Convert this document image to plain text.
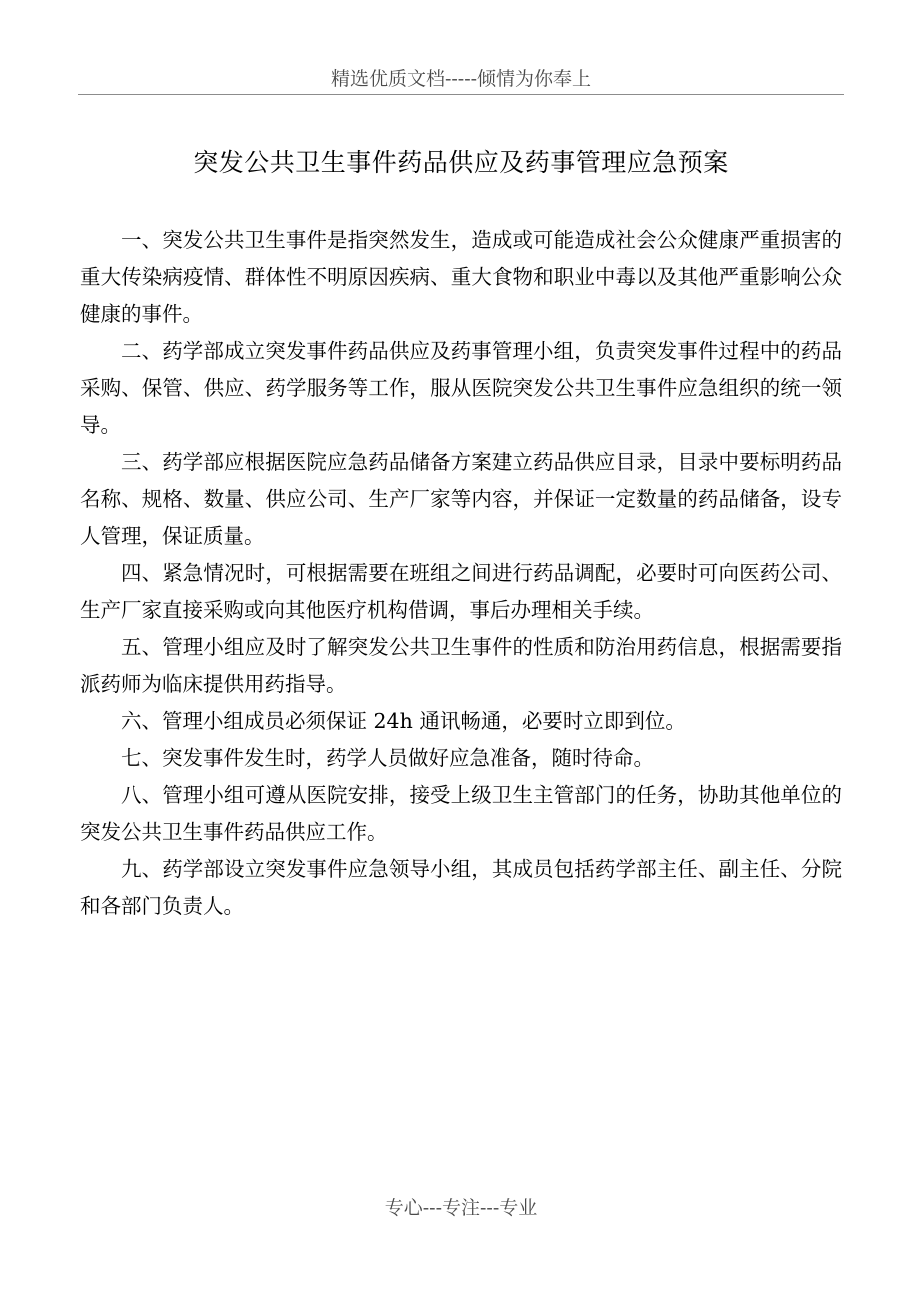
精选优质文档-----倾情为你奉上
突发公共卫生事件药品供应及药事管理应急预案

一、突发公共卫生事件是指突然发生，造成或可能造成社会公众健康严重损害的重大传染病疫情、群体性不明原因疾病、重大食物和职业中毒以及其他严重影响公众健康的事件。

二、药学部成立突发事件药品供应及药事管理小组，负责突发事件过程中的药品采购、保管、供应、药学服务等工作，服从医院突发公共卫生事件应急组织的统一领导。

三、药学部应根据医院应急药品储备方案建立药品供应目录，目录中要标明药品名称、规格、数量、供应公司、生产厂家等内容，并保证一定数量的药品储备，设专人管理，保证质量。

四、紧急情况时，可根据需要在班组之间进行药品调配，必要时可向医药公司、生产厂家直接采购或向其他医疗机构借调，事后办理相关手续。

五、管理小组应及时了解突发公共卫生事件的性质和防治用药信息，根据需要指派药师为临床提供用药指导。

六、管理小组成员必须保证 24h 通讯畅通，必要时立即到位。

七、突发事件发生时，药学人员做好应急准备，随时待命。

八、管理小组可遵从医院安排，接受上级卫生主管部门的任务，协助其他单位的突发公共卫生事件药品供应工作。

九、药学部设立突发事件应急领导小组，其成员包括药学部主任、副主任、分院和各部门负责人。

专心---专注---专业
